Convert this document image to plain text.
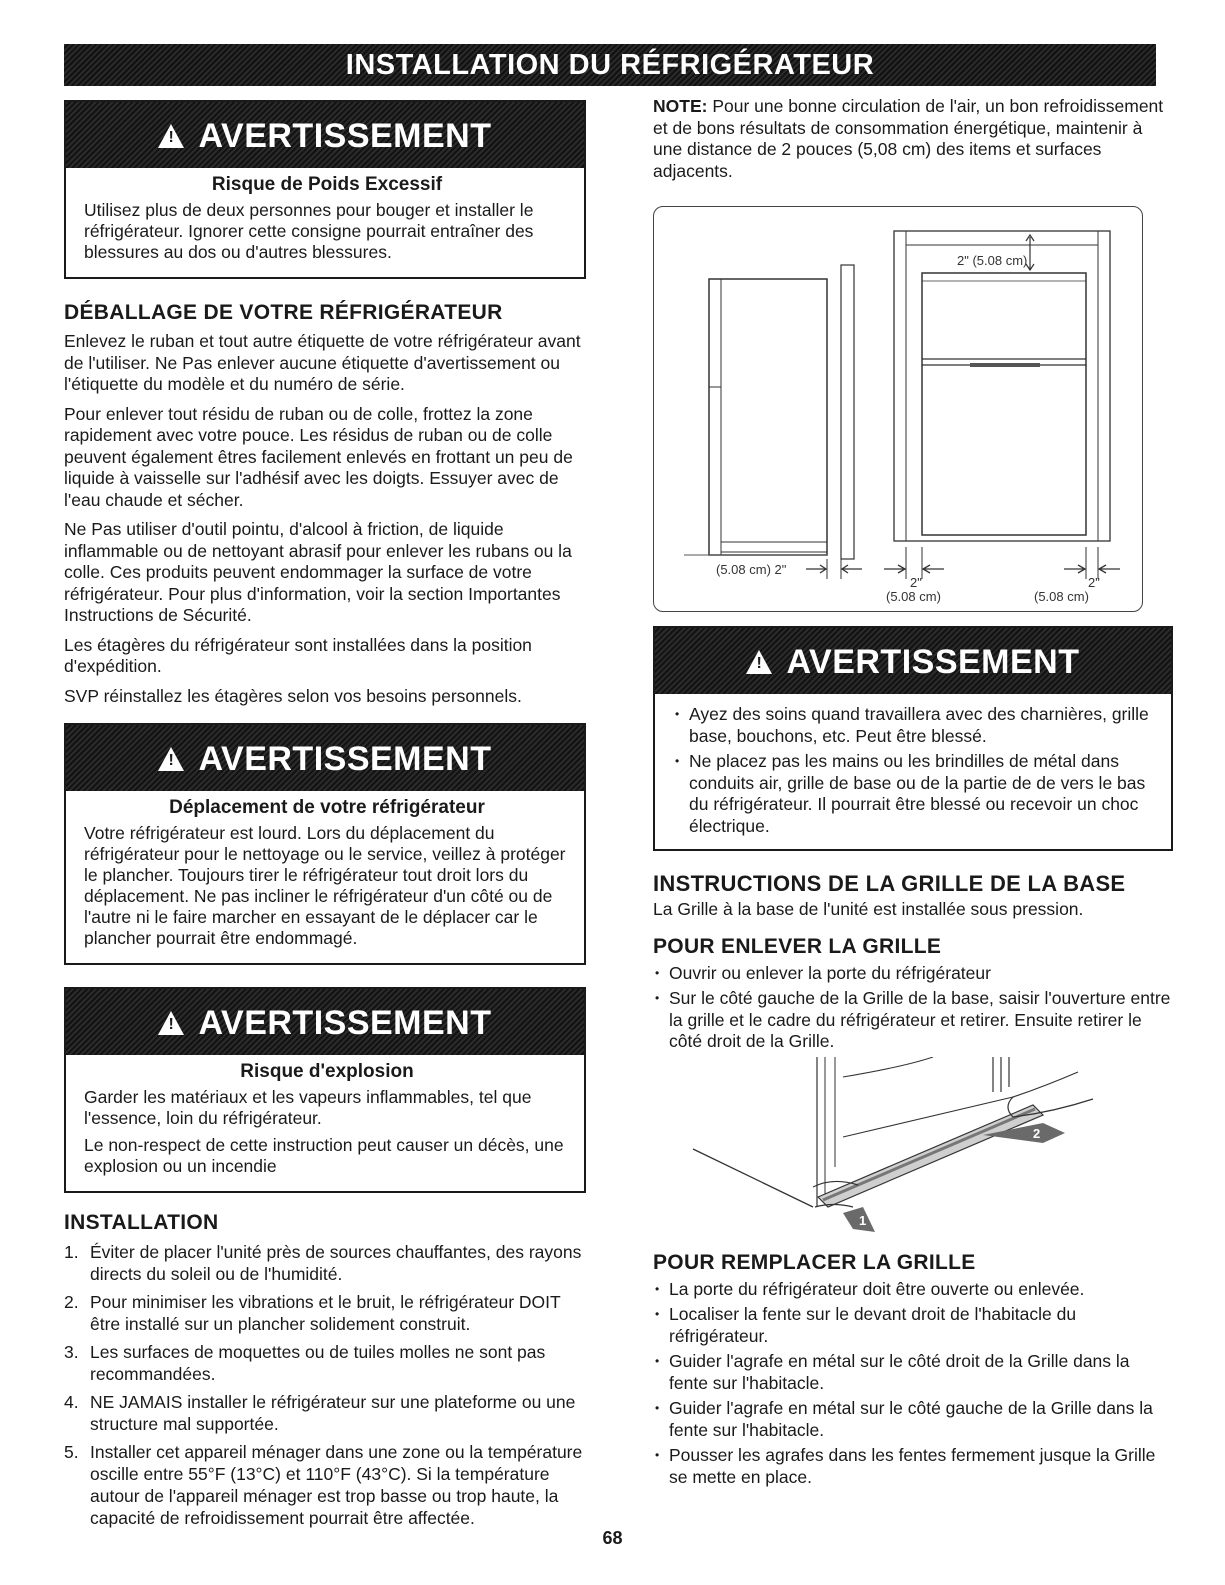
INSTALLATION DU RÉFRIGÉRATEUR
!AVERTISSEMENT
Risque de Poids Excessif

Utilisez plus de deux personnes pour bouger et installer le réfrigérateur. Ignorer cette consigne pourrait entraîner des blessures au dos ou d'autres blessures.

DÉBALLAGE DE VOTRE RÉFRIGÉRATEUR

Enlevez le ruban et tout autre étiquette de votre réfrigérateur avant de l'utiliser. Ne Pas enlever aucune étiquette d'avertissement ou l'étiquette du modèle et du numéro de série.

Pour enlever tout résidu de ruban ou de colle, frottez la zone rapidement avec votre pouce. Les résidus de ruban ou de colle peuvent également êtres facilement enlevés en frottant un peu de liquide à vaisselle sur l'adhésif avec les doigts. Essuyer avec de l'eau chaude et sécher.

Ne Pas utiliser d'outil pointu, d'alcool à friction, de liquide inflammable ou de nettoyant abrasif pour enlever les rubans ou la colle. Ces produits peuvent endommager la surface de votre réfrigérateur. Pour plus d'information, voir la section Importantes Instructions de Sécurité.

Les étagères du réfrigérateur sont installées dans la position d'expédition.

SVP réinstallez les étagères selon vos besoins personnels.

!AVERTISSEMENT
Déplacement de votre réfrigérateur

Votre réfrigérateur est lourd. Lors du déplacement du réfrigérateur pour le nettoyage ou le service, veillez à protéger le plancher. Toujours tirer le réfrigérateur tout droit lors du déplacement. Ne pas incliner le réfrigérateur d'un côté ou de l'autre ni le faire marcher en essayant de le déplacer car le plancher pourrait être endommagé.

!AVERTISSEMENT
Risque d'explosion

Garder les matériaux et les vapeurs inflammables, tel que l'essence, loin du réfrigérateur.

Le non-respect de cette instruction peut causer un décès, une explosion ou un incendie

INSTALLATION
1. Éviter de placer l'unité près de sources chauffantes, des rayons directs du soleil ou de l'humidité.
2. Pour minimiser les vibrations et le bruit, le réfrigérateur DOIT être installé sur un plancher solidement construit.
3. Les surfaces de moquettes ou de tuiles molles ne sont pas recommandées.
4. NE JAMAIS installer le réfrigérateur sur une plateforme ou une structure mal supportée.
5. Installer cet appareil ménager dans une zone ou la température oscille entre 55°F (13°C) et 110°F (43°C). Si la température autour de l'appareil ménager est trop basse ou trop haute, la capacité de refroidissement pourrait être affectée.

NOTE: Pour une bonne circulation de l'air, un bon refroidissement et de bons résultats de consommation énergétique, maintenir à une distance de 2 pouces (5,08 cm) des items et surfaces adjacents.

(5.08 cm) 2"
2" (5.08 cm)
2"
(5.08 cm)
2"
(5.08 cm)
!AVERTISSEMENT
• Ayez des soins quand travaillera avec des charnières, grille base, bouchons, etc. Peut être blessé.
• Ne placez pas les mains ou les brindilles de métal dans conduits air, grille de base ou de la partie de de vers le bas du réfrigérateur. Il pourrait être blessé ou recevoir un choc électrique.
INSTRUCTIONS DE LA GRILLE DE LA BASE

La Grille à la base de l'unité est installée sous pression.

POUR ENLEVER LA GRILLE
• Ouvrir ou enlever la porte du réfrigérateur
• Sur le côté gauche de la Grille de la base, saisir l'ouverture entre la grille et le cadre du réfrigérateur et retirer. Ensuite retirer le côté droit de la Grille.
2
1
POUR REMPLACER LA GRILLE
• La porte du réfrigérateur doit être ouverte ou enlevée.
• Localiser la fente sur le devant droit de l'habitacle du réfrigérateur.
• Guider l'agrafe en métal sur le côté droit de la Grille dans la fente sur l'habitacle.
• Guider l'agrafe en métal sur le côté gauche de la Grille dans la fente sur l'habitacle.
• Pousser les agrafes dans les fentes fermement jusque la Grille se mette en place.
68
